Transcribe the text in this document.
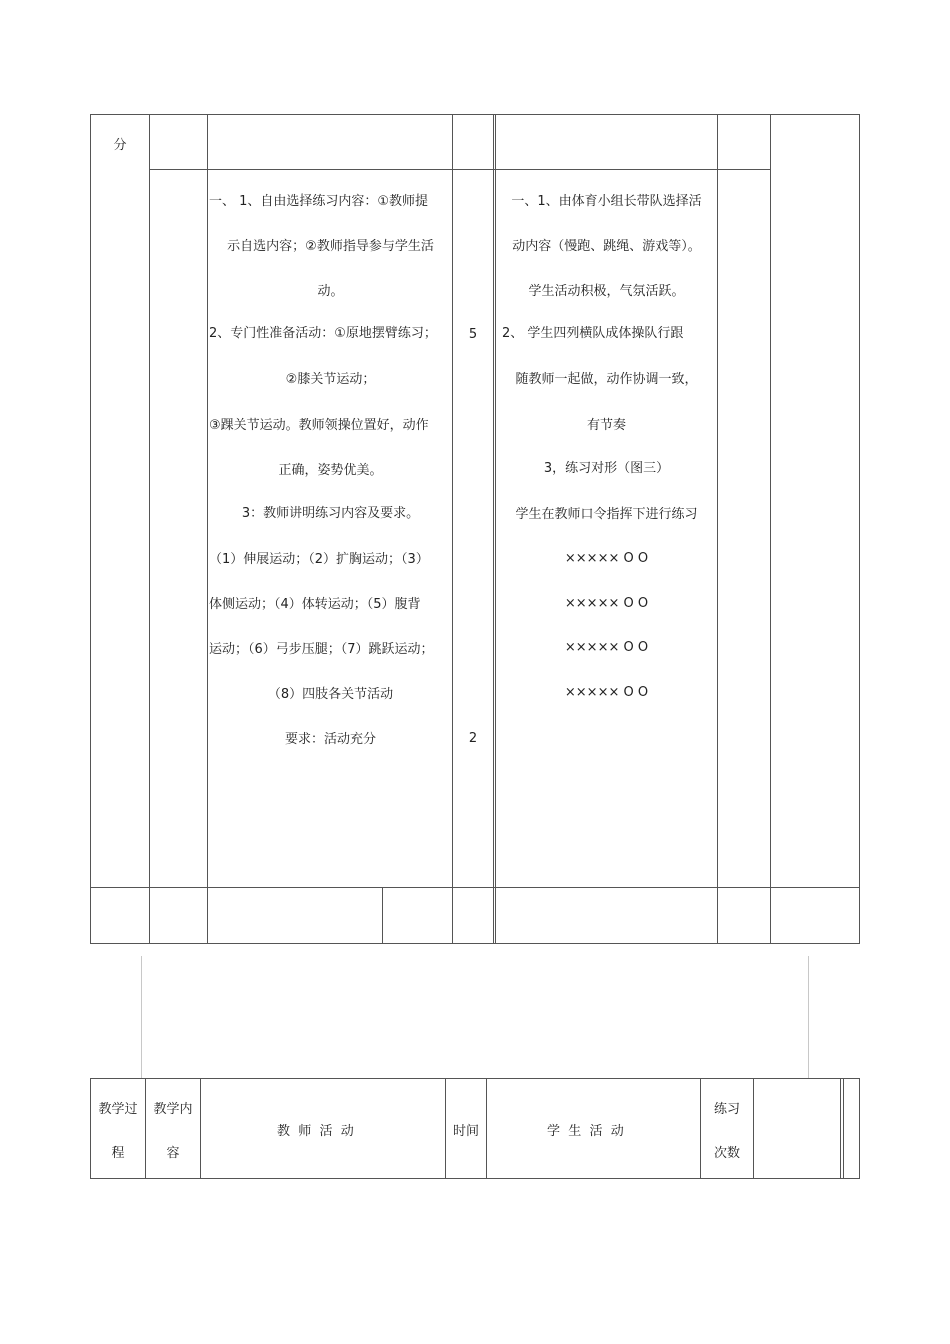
分
一、 1、自由选择练习内容：①教师提
示自选内容；②教师指导参与学生活
动。
2、专门性准备活动：①原地摆臂练习；
②膝关节运动；
③踝关节运动。教师领操位置好，动作
正确，姿势优美。
3：教师讲明练习内容及要求。
（1）伸展运动；（2）扩胸运动；（3）
体侧运动；（4）体转运动；（5）腹背
运动；（6）弓步压腿；（7）跳跃运动；
（8）四肢各关节活动
要求：活动充分
5
2
一、1、由体育小组长带队选择活
动内容（慢跑、跳绳、游戏等）。
学生活动积极，气氛活跃。
2、 学生四列横队成体操队行跟
随教师一起做，动作协调一致，
有节奏
3，练习对形（图三）
学生在教师口令指挥下进行练习
××××× O O
××××× O O
××××× O O
××××× O O
教学过
程
教学内
容
教  师  活  动	时间	学  生  活  动
练习
次数
